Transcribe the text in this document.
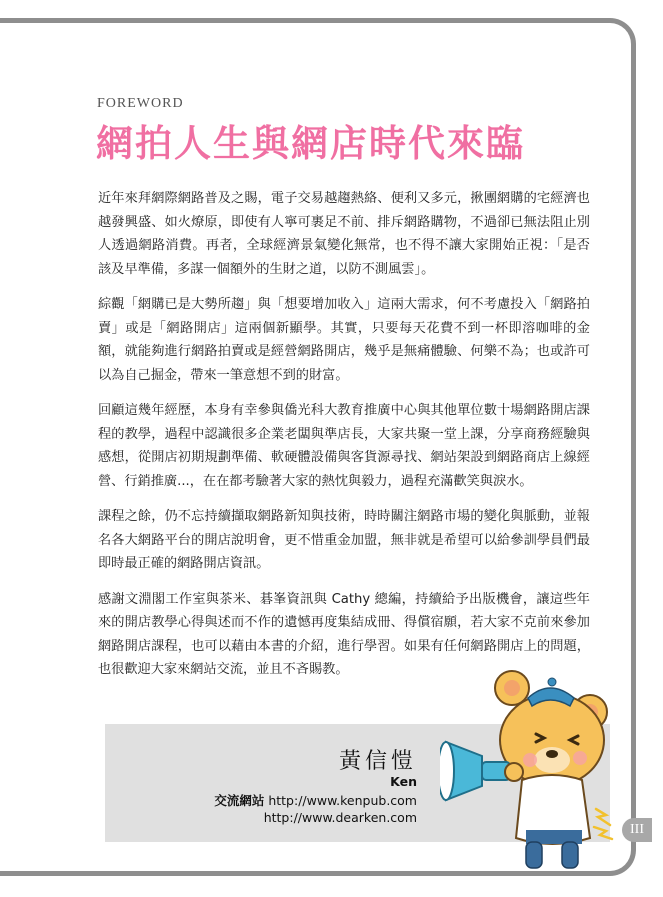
FOREWORD
網拍人生與網店時代來臨

近年來拜網際網路普及之賜，電子交易越趨熱絡、便利又多元，揪團網購的宅經濟也越發興盛、如火燎原，即使有人寧可裹足不前、排斥網路購物，不過卻已無法阻止別人透過網路消費。再者，全球經濟景氣變化無常，也不得不讓大家開始正視：「是否該及早準備，多謀一個額外的生財之道，以防不測風雲」。

綜觀「網購已是大勢所趨」與「想要增加收入」這兩大需求，何不考慮投入「網路拍賣」或是「網路開店」這兩個新顯學。其實，只要每天花費不到一杯即溶咖啡的金額，就能夠進行網路拍賣或是經營網路開店，幾乎是無痛體驗、何樂不為；也或許可以為自己掘金，帶來一筆意想不到的財富。

回顧這幾年經歷，本身有幸參與僑光科大教育推廣中心與其他單位數十場網路開店課程的教學，過程中認識很多企業老闆與準店長，大家共聚一堂上課，分享商務經驗與感想，從開店初期規劃準備、軟硬體設備與客貨源尋找、網站架設到網路商店上線經營、行銷推廣...，在在都考驗著大家的熱忱與毅力，過程充滿歡笑與淚水。

課程之餘，仍不忘持續擷取網路新知與技術，時時關注網路市場的變化與脈動，並報名各大網路平台的開店說明會，更不惜重金加盟，無非就是希望可以給參訓學員們最即時最正確的網路開店資訊。

感謝文淵閣工作室與茶米、碁峯資訊與 Cathy 總編，持續給予出版機會，讓這些年來的開店教學心得與述而不作的遺憾再度集結成冊、得償宿願，若大家不克前來參加網路開店課程，也可以藉由本書的介紹，進行學習。如果有任何網路開店上的問題，也很歡迎大家來網站交流，並且不吝賜教。

黃信愷
Ken
交流網站 http://www.kenpub.com
http://www.dearken.com
III
